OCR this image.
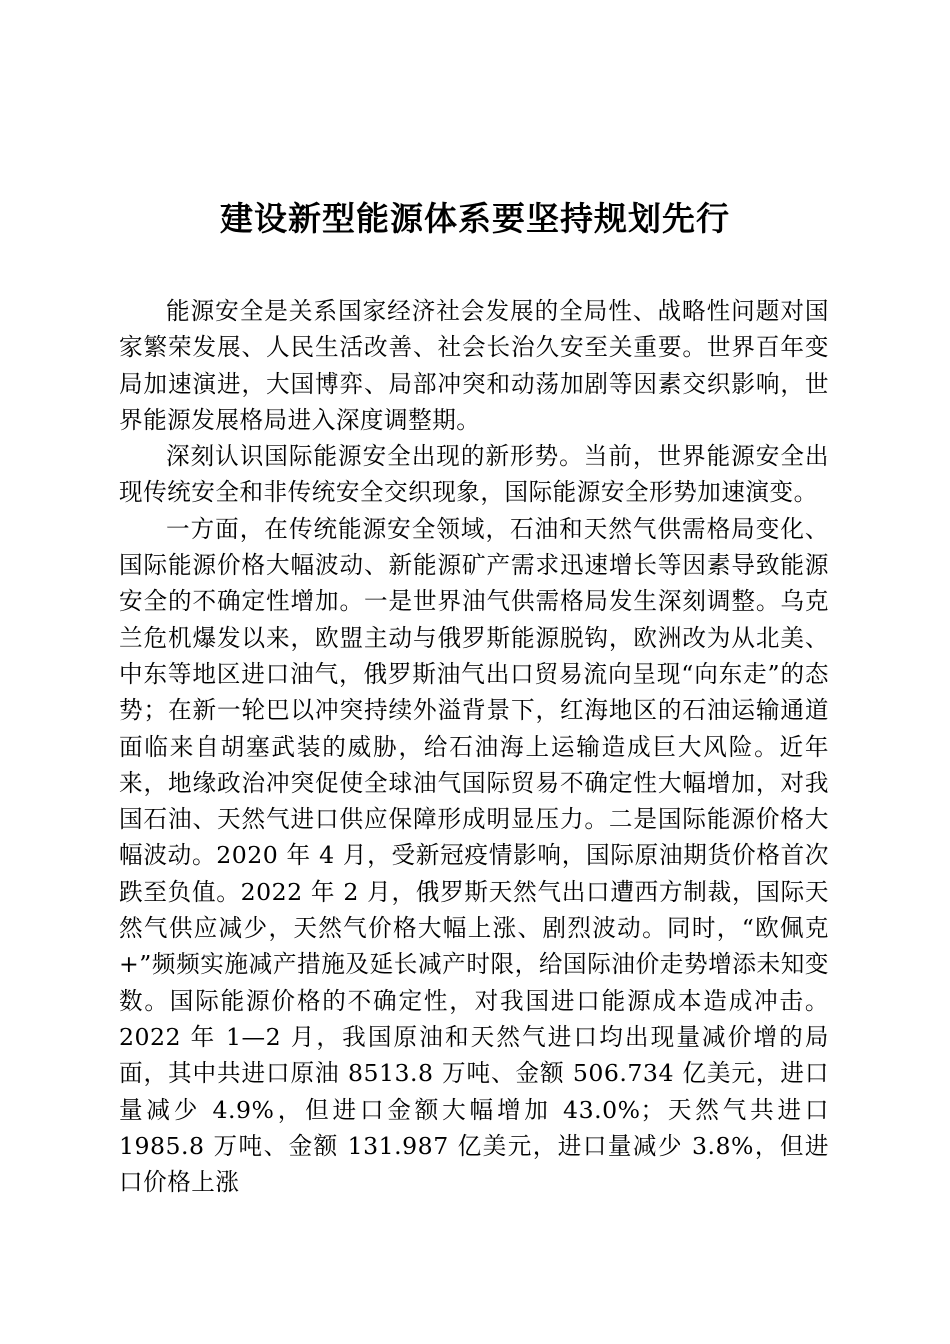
建设新型能源体系要坚持规划先行

能源安全是关系国家经济社会发展的全局性、战略性问题对国家繁荣发展、人民生活改善、社会长治久安至关重要。世界百年变局加速演进，大国博弈、局部冲突和动荡加剧等因素交织影响，世界能源发展格局进入深度调整期。

深刻认识国际能源安全出现的新形势。当前，世界能源安全出现传统安全和非传统安全交织现象，国际能源安全形势加速演变。

一方面，在传统能源安全领域，石油和天然气供需格局变化、国际能源价格大幅波动、新能源矿产需求迅速增长等因素导致能源安全的不确定性增加。一是世界油气供需格局发生深刻调整。乌克兰危机爆发以来，欧盟主动与俄罗斯能源脱钩，欧洲改为从北美、中东等地区进口油气，俄罗斯油气出口贸易流向呈现“向东走”的态势；在新一轮巴以冲突持续外溢背景下，红海地区的石油运输通道面临来自胡塞武装的威胁，给石油海上运输造成巨大风险。近年来，地缘政治冲突促使全球油气国际贸易不确定性大幅增加，对我国石油、天然气进口供应保障形成明显压力。二是国际能源价格大幅波动。2020 年 4 月，受新冠疫情影响，国际原油期货价格首次跌至负值。2022 年 2 月，俄罗斯天然气出口遭西方制裁，国际天然气供应减少，天然气价格大幅上涨、剧烈波动。同时，“欧佩克+”频频实施减产措施及延长减产时限，给国际油价走势增添未知变数。国际能源价格的不确定性，对我国进口能源成本造成冲击。2022 年 1—2 月，我国原油和天然气进口均出现量减价增的局面，其中共进口原油 8513.8 万吨、金额 506.734 亿美元，进口量减少 4.9%，但进口金额大幅增加 43.0%；天然气共进口 1985.8 万吨、金额 131.987 亿美元，进口量减少 3.8%，但进口价格上涨
